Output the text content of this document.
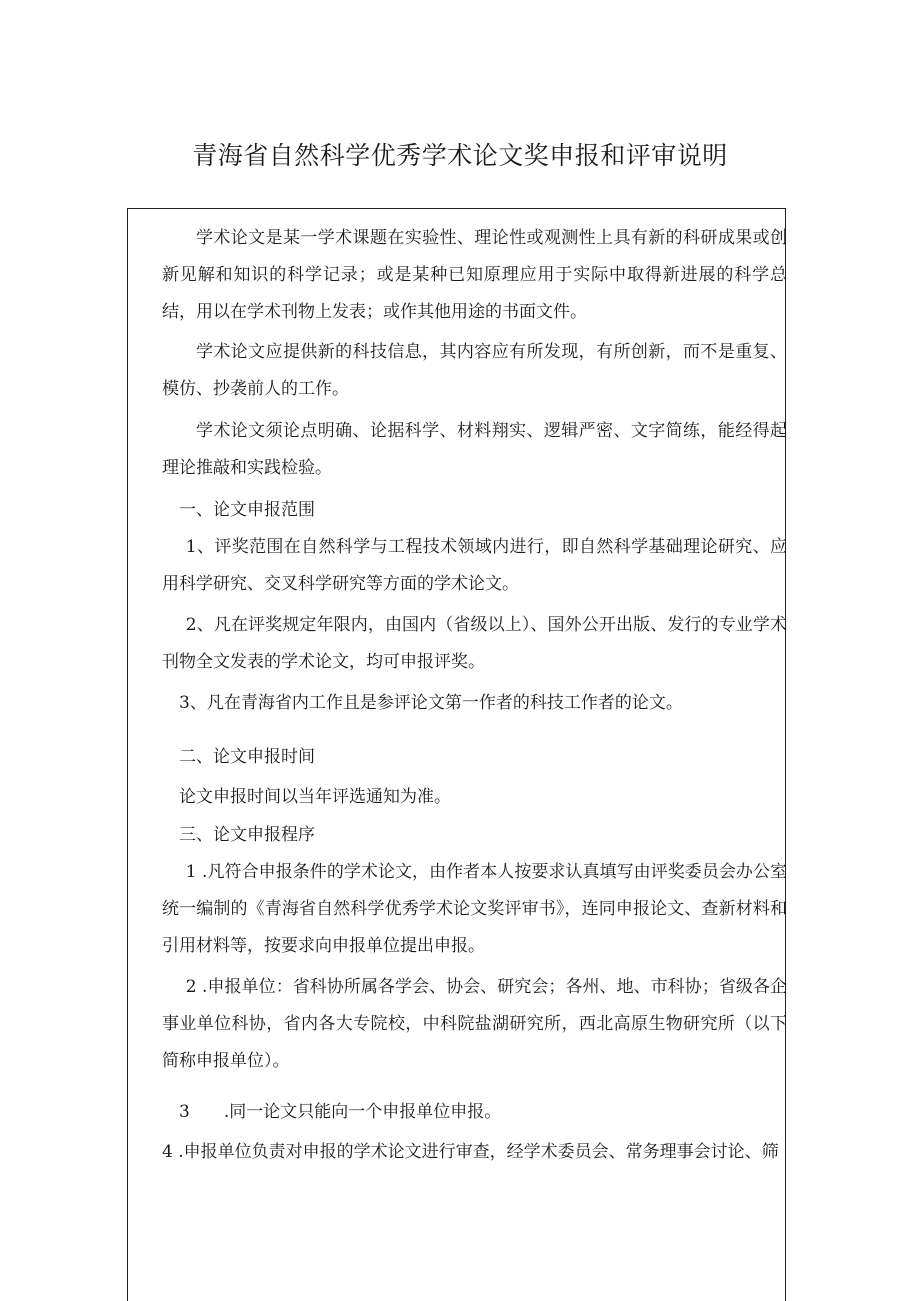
青海省自然科学优秀学术论文奖申报和评审说明

学术论文是某一学术课题在实验性、理论性或观测性上具有新的科研成果或创新见解和知识的科学记录；或是某种已知原理应用于实际中取得新进展的科学总结，用以在学术刊物上发表；或作其他用途的书面文件。

学术论文应提供新的科技信息，其内容应有所发现，有所创新，而不是重复、模仿、抄袭前人的工作。

学术论文须论点明确、论据科学、材料翔实、逻辑严密、文字简练，能经得起理论推敲和实践检验。

一、论文申报范围

1、评奖范围在自然科学与工程技术领域内进行，即自然科学基础理论研究、应用科学研究、交叉科学研究等方面的学术论文。

2、凡在评奖规定年限内，由国内（省级以上）、国外公开出版、发行的专业学术刊物全文发表的学术论文，均可申报评奖。

3、凡在青海省内工作且是参评论文第一作者的科技工作者的论文。

二、论文申报时间

论文申报时间以当年评选通知为准。

三、论文申报程序

1 .凡符合申报条件的学术论文，由作者本人按要求认真填写由评奖委员会办公室统一编制的《青海省自然科学优秀学术论文奖评审书》，连同申报论文、查新材料和引用材料等，按要求向申报单位提出申报。

2 .申报单位：省科协所属各学会、协会、研究会；各州、地、市科协；省级各企事业单位科协，省内各大专院校，中科院盐湖研究所，西北高原生物研究所（以下简称申报单位）。

3　　.同一论文只能向一个申报单位申报。

4 .申报单位负责对申报的学术论文进行审查，经学术委员会、常务理事会讨论、筛
